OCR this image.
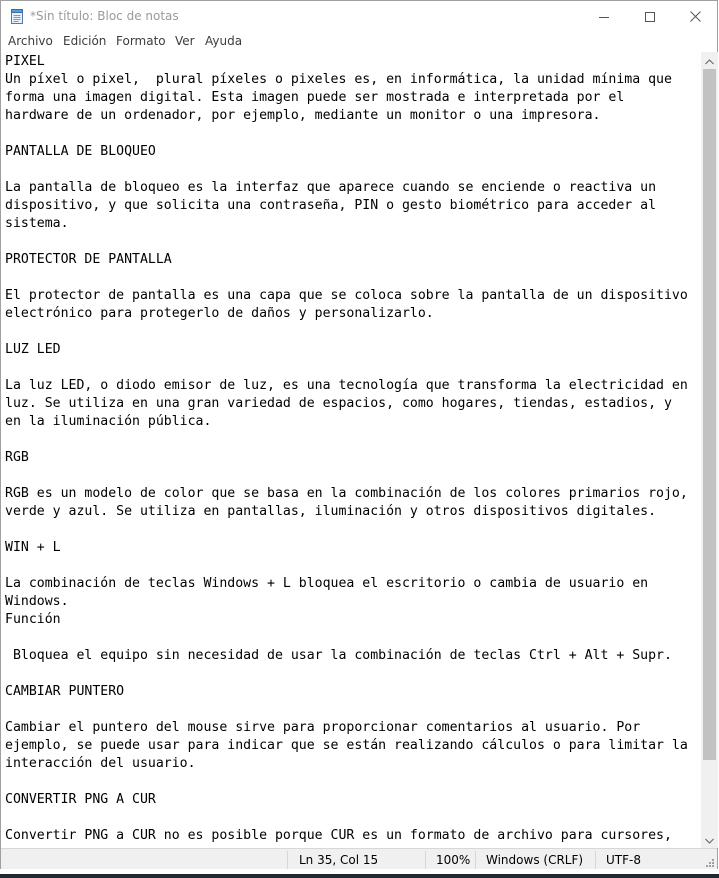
*Sin título: Bloc de notas
Archivo Edición Formato Ver Ayuda
PIXEL
Un píxel o pixel,  plural píxeles o pixeles es, en informática, la unidad mínima que
forma una imagen digital. Esta imagen puede ser mostrada e interpretada por el
hardware de un ordenador, por ejemplo, mediante un monitor o una impresora.

PANTALLA DE BLOQUEO

La pantalla de bloqueo es la interfaz que aparece cuando se enciende o reactiva un
dispositivo, y que solicita una contraseña, PIN o gesto biométrico para acceder al
sistema.

PROTECTOR DE PANTALLA

El protector de pantalla es una capa que se coloca sobre la pantalla de un dispositivo
electrónico para protegerlo de daños y personalizarlo.

LUZ LED

La luz LED, o diodo emisor de luz, es una tecnología que transforma la electricidad en
luz. Se utiliza en una gran variedad de espacios, como hogares, tiendas, estadios, y
en la iluminación pública.

RGB

RGB es un modelo de color que se basa en la combinación de los colores primarios rojo,
verde y azul. Se utiliza en pantallas, iluminación y otros dispositivos digitales.

WIN + L

La combinación de teclas Windows + L bloquea el escritorio o cambia de usuario en
Windows.
Función

Bloquea el equipo sin necesidad de usar la combinación de teclas Ctrl + Alt + Supr.

CAMBIAR PUNTERO

Cambiar el puntero del mouse sirve para proporcionar comentarios al usuario. Por
ejemplo, se puede usar para indicar que se están realizando cálculos o para limitar la
interacción del usuario.

CONVERTIR PNG A CUR

Convertir PNG a CUR no es posible porque CUR es un formato de archivo para cursores,
Ln 35, Col 15	100% Windows (CRLF) UTF-8
